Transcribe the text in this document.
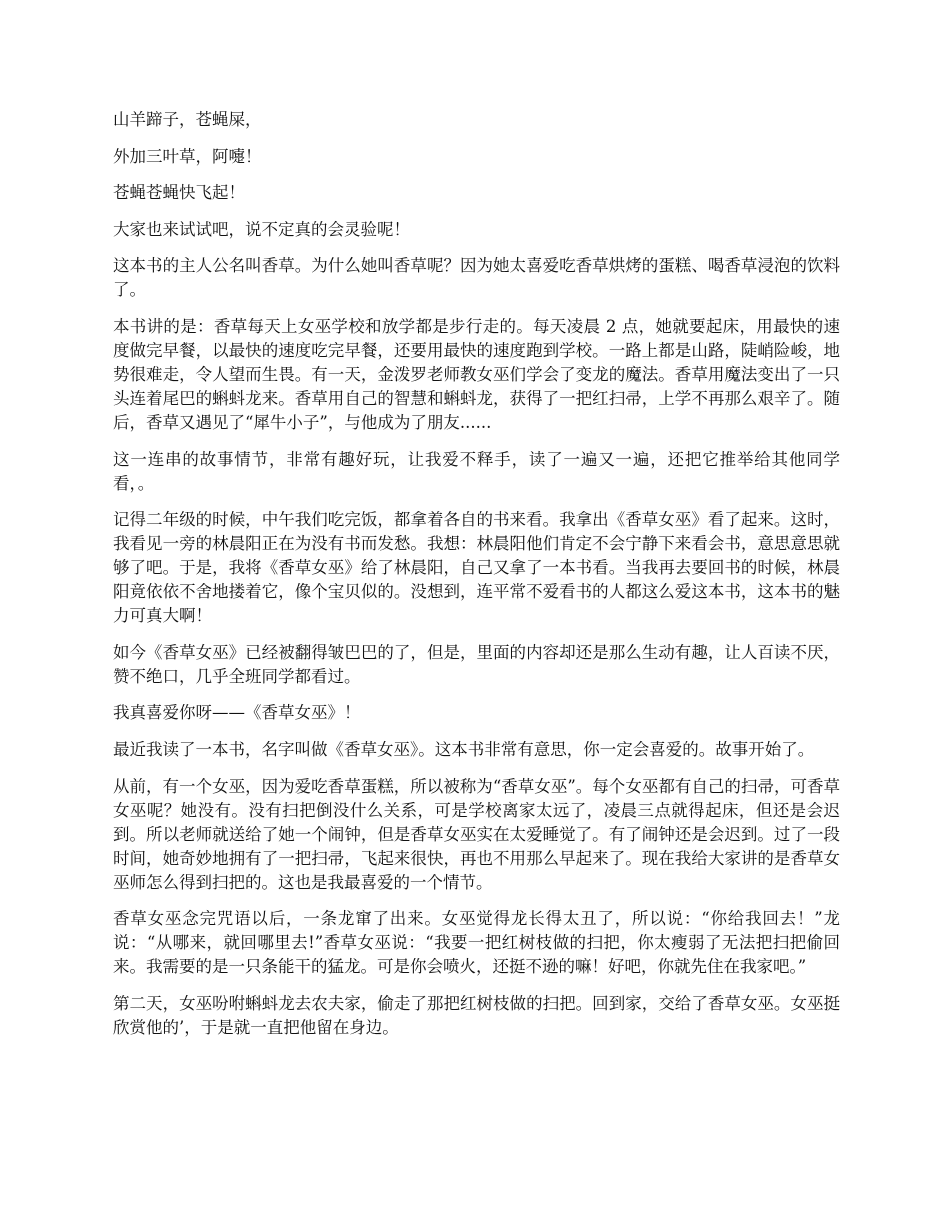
山羊蹄子，苍蝇屎，

外加三叶草，阿嚏！

苍蝇苍蝇快飞起！

大家也来试试吧，说不定真的会灵验呢！

这本书的主人公名叫香草。为什么她叫香草呢？因为她太喜爱吃香草烘烤的蛋糕、喝香草浸泡的饮料了。

本书讲的是：香草每天上女巫学校和放学都是步行走的。每天凌晨 2 点，她就要起床，用最快的速度做完早餐，以最快的速度吃完早餐，还要用最快的速度跑到学校。一路上都是山路，陡峭险峻，地势很难走，令人望而生畏。有一天，金泼罗老师教女巫们学会了变龙的魔法。香草用魔法变出了一只头连着尾巴的蝌蚪龙来。香草用自己的智慧和蝌蚪龙，获得了一把红扫帚，上学不再那么艰辛了。随后，香草又遇见了“犀牛小子”，与他成为了朋友......

这一连串的故事情节，非常有趣好玩，让我爱不释手，读了一遍又一遍，还把它推举给其他同学看，。

记得二年级的时候，中午我们吃完饭，都拿着各自的书来看。我拿出《香草女巫》看了起来。这时，我看见一旁的林晨阳正在为没有书而发愁。我想：林晨阳他们肯定不会宁静下来看会书，意思意思就够了吧。于是，我将《香草女巫》给了林晨阳，自己又拿了一本书看。当我再去要回书的时候，林晨阳竟依依不舍地搂着它，像个宝贝似的。没想到，连平常不爱看书的人都这么爱这本书，这本书的魅力可真大啊！

如今《香草女巫》已经被翻得皱巴巴的了，但是，里面的内容却还是那么生动有趣，让人百读不厌，赞不绝口，几乎全班同学都看过。

我真喜爱你呀——《香草女巫》！

最近我读了一本书，名字叫做《香草女巫》。这本书非常有意思，你一定会喜爱的。故事开始了。

从前，有一个女巫，因为爱吃香草蛋糕，所以被称为“香草女巫”。每个女巫都有自己的扫帚，可香草女巫呢？她没有。没有扫把倒没什么关系，可是学校离家太远了，凌晨三点就得起床，但还是会迟到。所以老师就送给了她一个闹钟，但是香草女巫实在太爱睡觉了。有了闹钟还是会迟到。过了一段时间，她奇妙地拥有了一把扫帚，飞起来很快，再也不用那么早起来了。现在我给大家讲的是香草女巫师怎么得到扫把的。这也是我最喜爱的一个情节。

香草女巫念完咒语以后，一条龙窜了出来。女巫觉得龙长得太丑了，所以说：“你给我回去！”龙说：“从哪来，就回哪里去!”香草女巫说：“我要一把红树枝做的扫把，你太瘦弱了无法把扫把偷回来。我需要的是一只条能干的猛龙。可是你会喷火，还挺不逊的嘛！好吧，你就先住在我家吧。”

第二天，女巫吩咐蝌蚪龙去农夫家，偷走了那把红树枝做的扫把。回到家，交给了香草女巫。女巫挺欣赏他的’，于是就一直把他留在身边。
